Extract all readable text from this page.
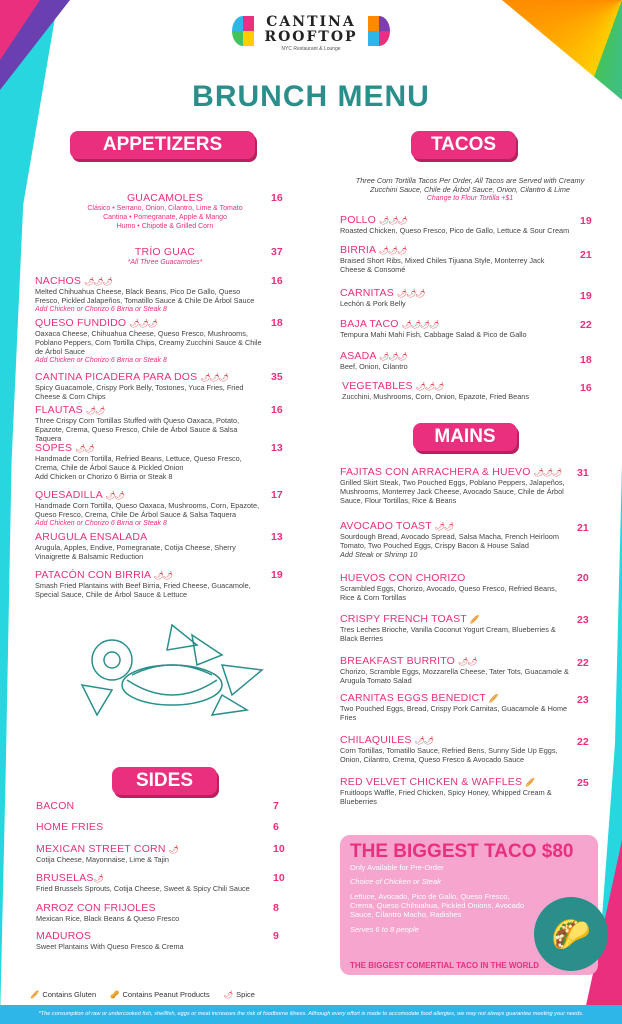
CANTINA
ROOFTOP
NYC Restaurant & Lounge
BRUNCH MENU
APPETIZERS
GUACAMOLES
Clásico • Serrano, Onion, Cilantro, Lime & Tomato
Cantina • Pomegranate, Apple & Mango
Humo • Chipotle & Grilled Corn
16
TRÍO GUAC
*All Three Guacamoles*
37
NACHOS 🌶🌶🌶
Melted Chihuahua Cheese, Black Beans, Pico De Gallo, Queso Fresco, Pickled Jalapeños, Tomatillo Sauce & Chile De Árbol Sauce
Add Chicken or Chorizo 6 Birria or Steak 8
16
QUESO FUNDIDO 🌶🌶🌶
Oaxaca Cheese, Chihuahua Cheese, Queso Fresco, Mushrooms, Poblano Peppers, Corn Tortilla Chips, Creamy Zucchini Sauce & Chile de Árbol Sauce
Add Chicken or Chorizo 6 Birria or Steak 8
18
CANTINA PICADERA PARA DOS 🌶🌶🌶
Spicy Guacamole, Crispy Pork Belly, Tostones, Yuca Fries, Fried Cheese & Corn Chips
35
FLAUTAS 🌶🌶
Three Crispy Corn Tortillas Stuffed with Queso Oaxaca, Potato, Epazote, Crema, Queso Fresco, Chile de Árbol Sauce & Salsa Taquera
16
SOPES 🌶🌶
Handmade Corn Tortilla, Refried Beans, Lettuce, Queso Fresco, Crema, Chile de Árbol Sauce & Pickled Onion
Add Chicken or Chorizo 6 Birria or Steak 8
13
QUESADILLA 🌶🌶
Handmade Corn Tortilla, Queso Oaxaca, Mushrooms, Corn, Epazote, Queso Fresco, Crema, Chile De Árbol Sauce & Salsa Taquera
Add Chicken or Chorizo 6 Birria or Steak 8
17
ARUGULA ENSALADA
Arugula, Apples, Endive, Pomegranate, Cotija Cheese, Sherry Vinaigrette & Balsamic Reduction
13
PATACÓN CON BIRRIA 🌶🌶
Smash Fried Plantains with Beef Birria, Fried Cheese, Guacamole, Special Sauce, Chile de Árbol Sauce & Lettuce
19
SIDES
BACON	7
HOME FRIES	6
MEXICAN STREET CORN 🌶
Cotija Cheese, Mayonnaise, Lime & Tajin
10
BRUSELAS🌶
Fried Brussels Sprouts, Cotija Cheese, Sweet & Spicy Chili Sauce
10
ARROZ CON FRIJOLES
Mexican Rice, Black Beans & Queso Fresco
8
MADUROS
Sweet Plantains With Queso Fresco & Crema
9
TACOS
Three Corn Tortilla Tacos Per Order, All Tacos are Served with Creamy Zucchini Sauce, Chile de Árbol Sauce, Onion, Cilantro & Lime
Change to Flour Tortilla +$1
POLLO 🌶🌶🌶
Roasted Chicken, Queso Fresco, Pico de Gallo, Lettuce & Sour Cream
19
BIRRIA 🌶🌶🌶
Braised Short Ribs, Mixed Chiles Tijuana Style, Monterrey Jack Cheese & Consomé
21
CARNITAS 🌶🌶🌶
Lechón & Pork Belly
19
BAJA TACO 🌶🌶🌶🌶
Tempura Mahi Mahi Fish, Cabbage Salad & Pico de Gallo
22
ASADA 🌶🌶🌶
Beef, Onion, Cilantro
18
VEGETABLES 🌶🌶🌶
Zucchini, Mushrooms, Corn, Onion, Epazote, Fried Beans
16
MAINS
FAJITAS CON ARRACHERA & HUEVO 🌶🌶🌶
Grilled Skirt Steak, Two Pouched Eggs, Poblano Peppers, Jalapeños, Mushrooms, Monterrey Jack Cheese, Avocado Sauce, Chile de Árbol Sauce, Flour Tortillas, Rice & Beans
31
AVOCADO TOAST 🌶🌶
Sourdough Bread, Avocado Spread, Salsa Macha, French Heirloom Tomato, Two Pouched Eggs, Crispy Bacon & House Salad
Add Steak or Shrimp 10
21
HUEVOS CON CHORIZO
Scrambled Eggs, Chorizo, Avocado, Queso Fresco, Refried Beans, Rice & Corn Tortillas
20
CRISPY FRENCH TOAST 🥖
Tres Leches Brioche, Vanilla Coconut Yogurt Cream, Blueberries & Black Berries
23
BREAKFAST BURRITO 🌶🌶
Chorizo, Scramble Eggs, Mozzarella Cheese, Tater Tots, Guacamole & Arugula Tomato Salad
22
CARNITAS EGGS BENEDICT 🥖
Two Pouched Eggs, Bread, Crispy Pork Carnitas, Guacamole & Home Fries
23
CHILAQUILES 🌶🌶
Corn Tortillas, Tomatillo Sauce, Refried Bens, Sunny Side Up Eggs, Onion, Cilantro, Crema, Queso Fresco & Avocado Sauce
22
RED VELVET CHICKEN & WAFFLES 🥖
Fruitloops Waffle, Fried Chicken, Spicy Honey, Whipped Cream & Blueberries
25
THE BIGGEST TACO $80
Only Available for Pre-Order
Choice of Chicken or Steak
Lettuce, Avocado, Pico de Gallo, Queso Fresco, Crema, Queso Chihuahua, Pickled Onions, Avocado Sauce, Cilantro Macho, Radishes
Serves 6 to 8 people
THE BIGGEST COMERTIAL TACO IN THE WORLD
🌮
🥖 Contains Gluten 🥜 Contains Peanut Products 🌶 Spice
*The consumption of raw or undercooked fish, shellfish, eggs or meat increases the risk of foodborne illness. Although every effort is made to accomodate food allergies, we may not always guarantee meeting your needs.
